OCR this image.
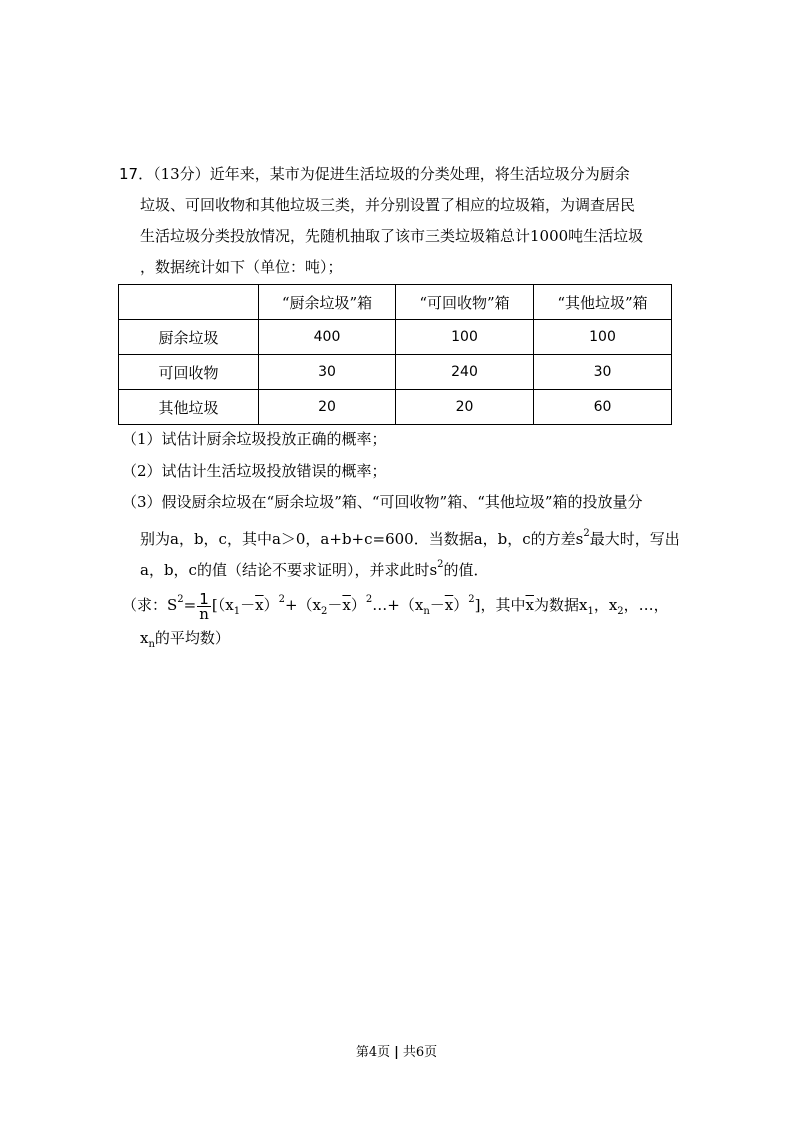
17．（13分）近年来，某市为促进生活垃圾的分类处理，将生活垃圾分为厨余
垃圾、可回收物和其他垃圾三类，并分别设置了相应的垃圾箱，为调查居民
生活垃圾分类投放情况，先随机抽取了该市三类垃圾箱总计1000吨生活垃圾
，数据统计如下（单位：吨）；
	“厨余垃圾”箱	“可回收物”箱	“其他垃圾”箱
厨余垃圾	400	100	100
可回收物	30	240	30
其他垃圾	20	20	60
（1）试估计厨余垃圾投放正确的概率；
（2）试估计生活垃圾投放错误的概率；
（3）假设厨余垃圾在“厨余垃圾”箱、“可回收物”箱、“其他垃圾”箱的投放量分
别为a，b，c，其中a＞0，a+b+c=600．当数据a，b，c的方差$s^2$最大时，写出
a，b，c的值（结论不要求证明），并求此时$s^2$的值．
（求：$S^2= \frac{1}{n}$ $[(x_1-\overline{x})^2+(x_2-\overline{x})^2\dots+(x_n-\overline{x})^2]$，其中$\overline{x}$为数据$x_1$，$x_2$，…，
$x_n$的平均数）
第4页 | 共6页
